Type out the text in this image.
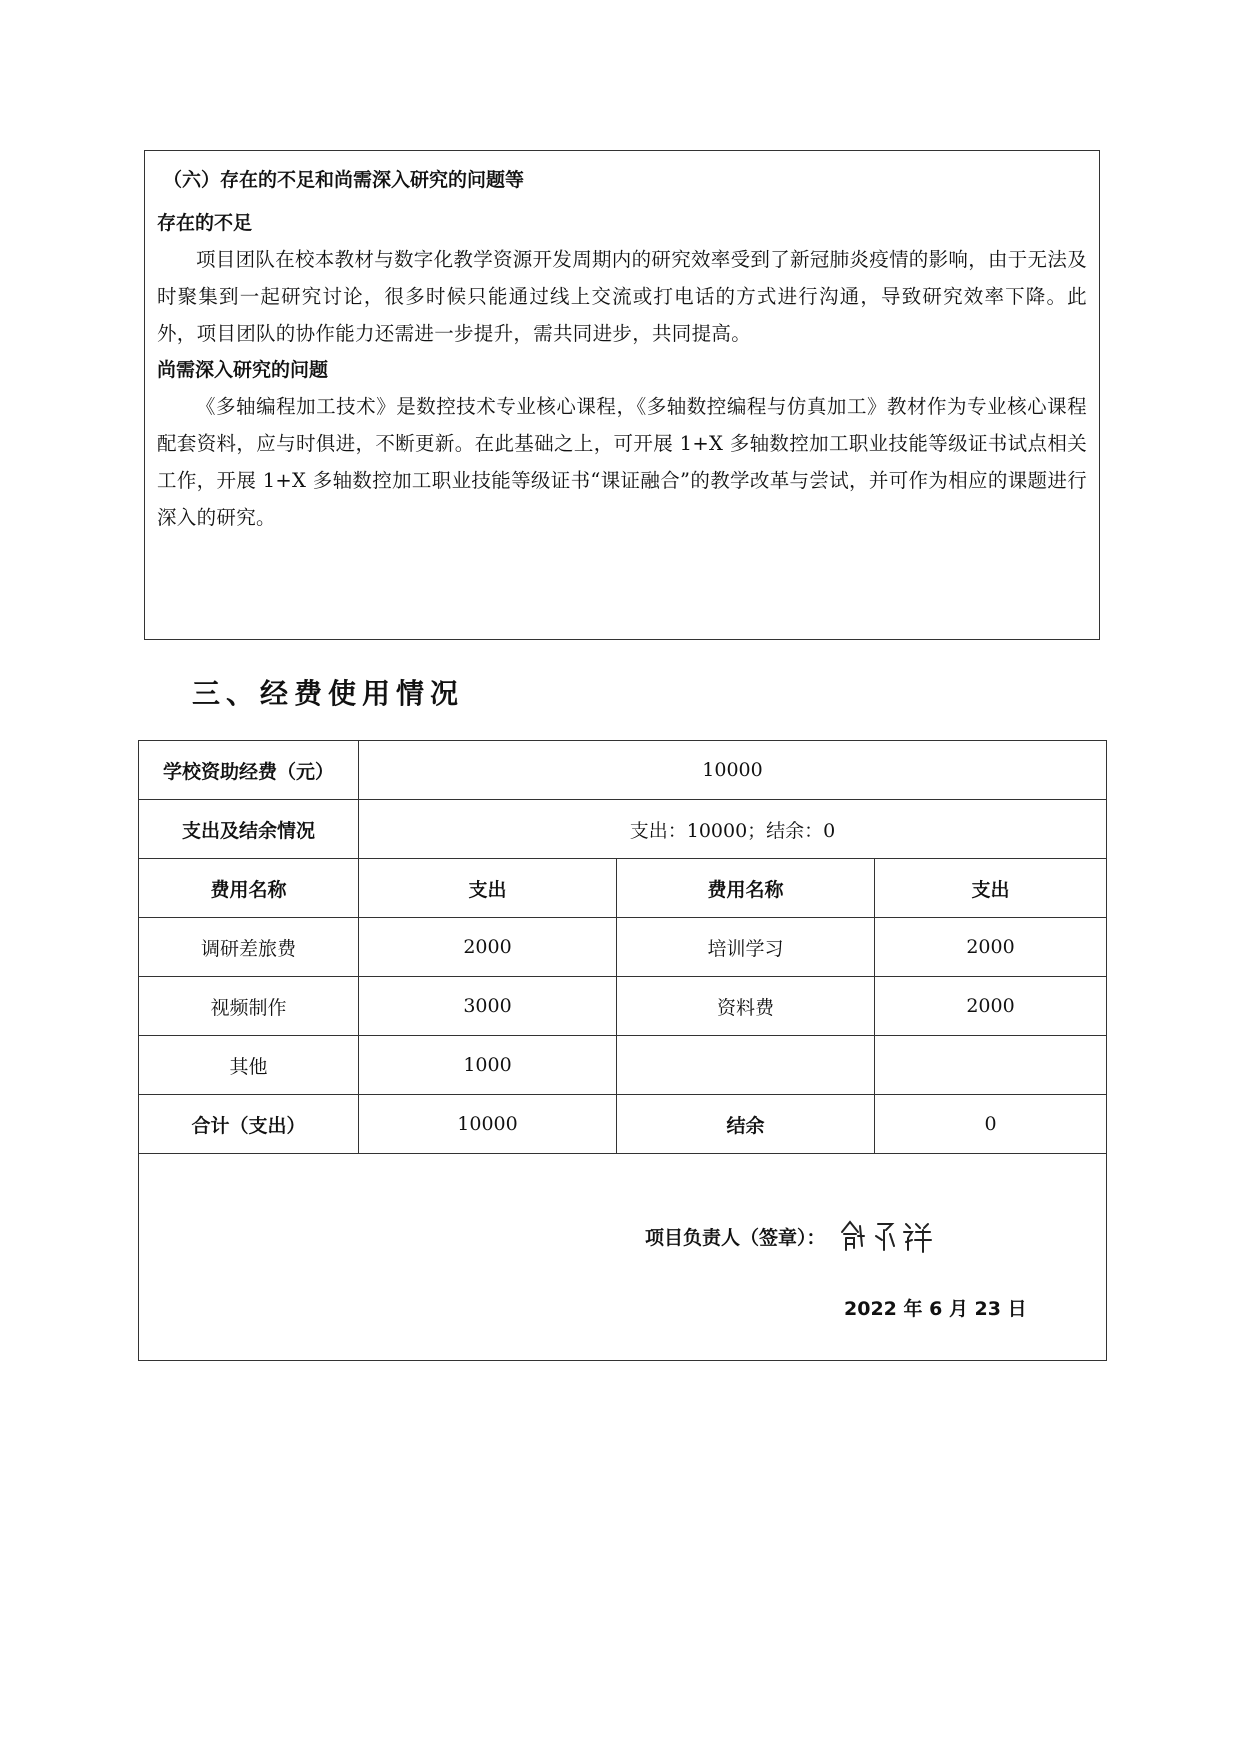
（六）存在的不足和尚需深入研究的问题等
存在的不足

项目团队在校本教材与数字化教学资源开发周期内的研究效率受到了新冠肺炎疫情的影响，由于无法及时聚集到一起研究讨论，很多时候只能通过线上交流或打电话的方式进行沟通，导致研究效率下降。此外，项目团队的协作能力还需进一步提升，需共同进步，共同提高。

尚需深入研究的问题

《多轴编程加工技术》是数控技术专业核心课程，《多轴数控编程与仿真加工》教材作为专业核心课程配套资料，应与时俱进，不断更新。在此基础之上，可开展 1+X 多轴数控加工职业技能等级证书试点相关工作，开展 1+X 多轴数控加工职业技能等级证书“课证融合”的教学改革与尝试，并可作为相应的课题进行深入的研究。

三、经费使用情况
学校资助经费（元）	10000		
支出及结余情况	支出：10000；结余：0		
费用名称	支出	费用名称	支出
调研差旅费	2000	培训学习	2000
视频制作	3000	资料费	2000
其他	1000		
合计（支出）	10000	结余	0

项目负责人（签章）：
2022 年 6 月 23 日			
